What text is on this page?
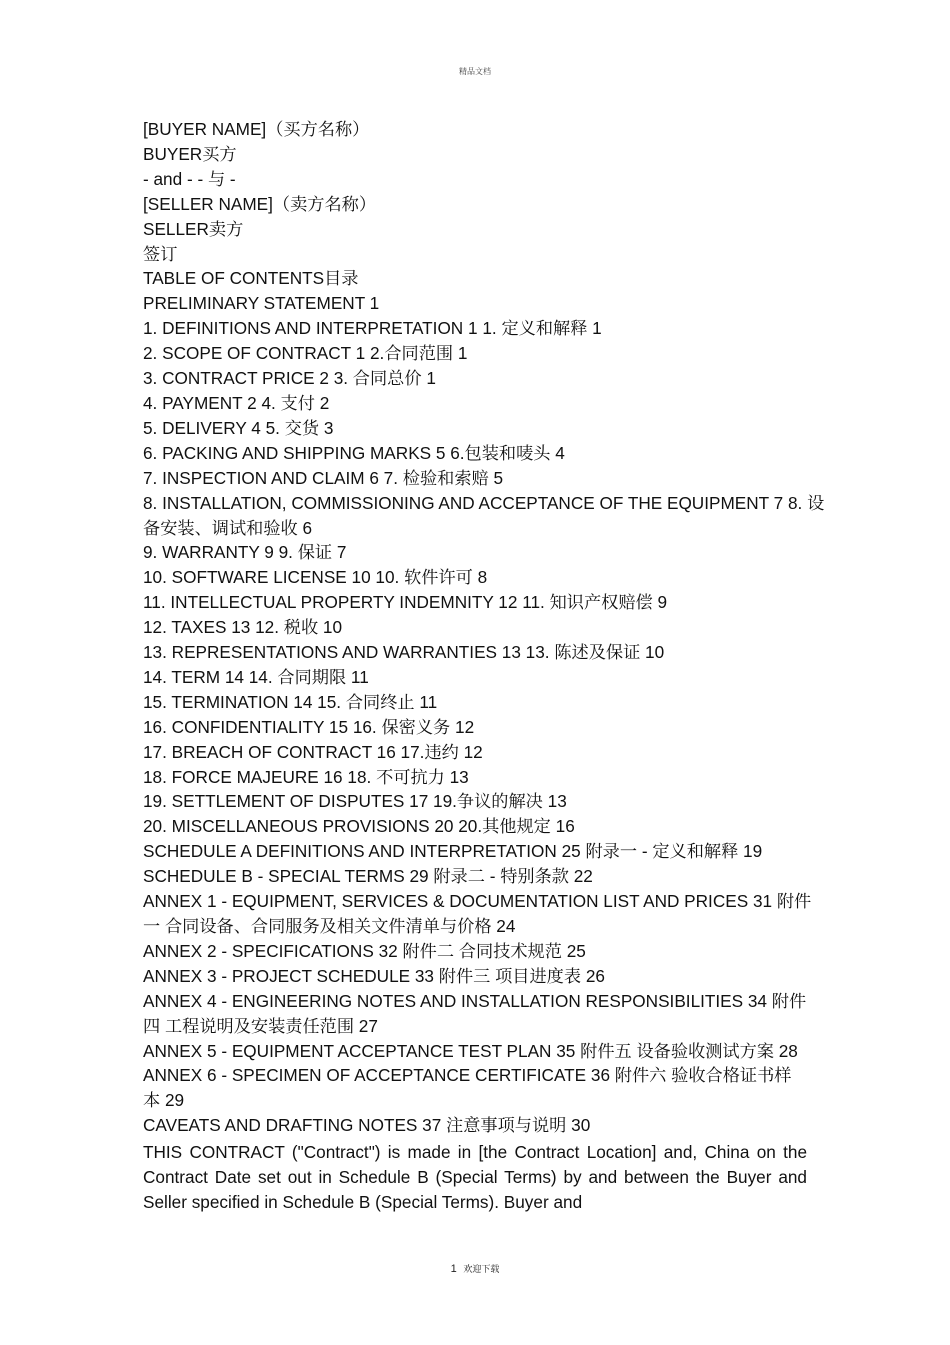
精品文档
[BUYER NAME]（买方名称）
BUYER买方
- and - - 与 -
[SELLER NAME]（卖方名称）
SELLER卖方
签订
TABLE OF CONTENTS目录
PRELIMINARY STATEMENT 1
1. DEFINITIONS AND INTERPRETATION 1 1. 定义和解释 1
2. SCOPE OF CONTRACT 1 2.合同范围 1
3. CONTRACT PRICE 2 3. 合同总价 1
4. PAYMENT 2 4. 支付 2
5. DELIVERY 4 5. 交货 3
6. PACKING AND SHIPPING MARKS 5 6.包装和唛头 4
7. INSPECTION AND CLAIM 6 7. 检验和索赔 5
8. INSTALLATION, COMMISSIONING AND ACCEPTANCE OF THE EQUIPMENT 7 8. 设
备安装、调试和验收 6
9. WARRANTY 9 9. 保证 7
10. SOFTWARE LICENSE 10 10. 软件许可 8
11. INTELLECTUAL PROPERTY INDEMNITY 12 11. 知识产权赔偿 9
12. TAXES 13 12. 税收 10
13. REPRESENTATIONS AND WARRANTIES 13 13. 陈述及保证 10
14. TERM 14 14. 合同期限 11
15. TERMINATION 14 15. 合同终止 11
16. CONFIDENTIALITY 15 16. 保密义务 12
17. BREACH OF CONTRACT 16 17.违约 12
18. FORCE MAJEURE 16 18. 不可抗力 13
19. SETTLEMENT OF DISPUTES 17 19.争议的解决 13
20. MISCELLANEOUS PROVISIONS 20 20.其他规定 16
SCHEDULE A DEFINITIONS AND INTERPRETATION 25 附录一 - 定义和解释 19
SCHEDULE B - SPECIAL TERMS 29 附录二 - 特别条款 22
ANNEX 1 - EQUIPMENT, SERVICES & DOCUMENTATION LIST AND PRICES 31 附件
一 合同设备、合同服务及相关文件清单与价格 24
ANNEX 2 - SPECIFICATIONS 32 附件二 合同技术规范 25
ANNEX 3 - PROJECT SCHEDULE 33 附件三 项目进度表 26
ANNEX 4 - ENGINEERING NOTES AND INSTALLATION RESPONSIBILITIES 34 附件
四 工程说明及安装责任范围 27
ANNEX 5 - EQUIPMENT ACCEPTANCE TEST PLAN 35 附件五 设备验收测试方案 28
ANNEX 6 - SPECIMEN OF ACCEPTANCE CERTIFICATE 36 附件六 验收合格证书样
本 29
CAVEATS AND DRAFTING NOTES 37 注意事项与说明 30
THIS CONTRACT ("Contract") is made in [the Contract Location] and, China on the Contract Date set out in Schedule B (Special Terms) by and between the Buyer and Seller specified in Schedule B (Special Terms). Buyer and
1 欢迎下载
